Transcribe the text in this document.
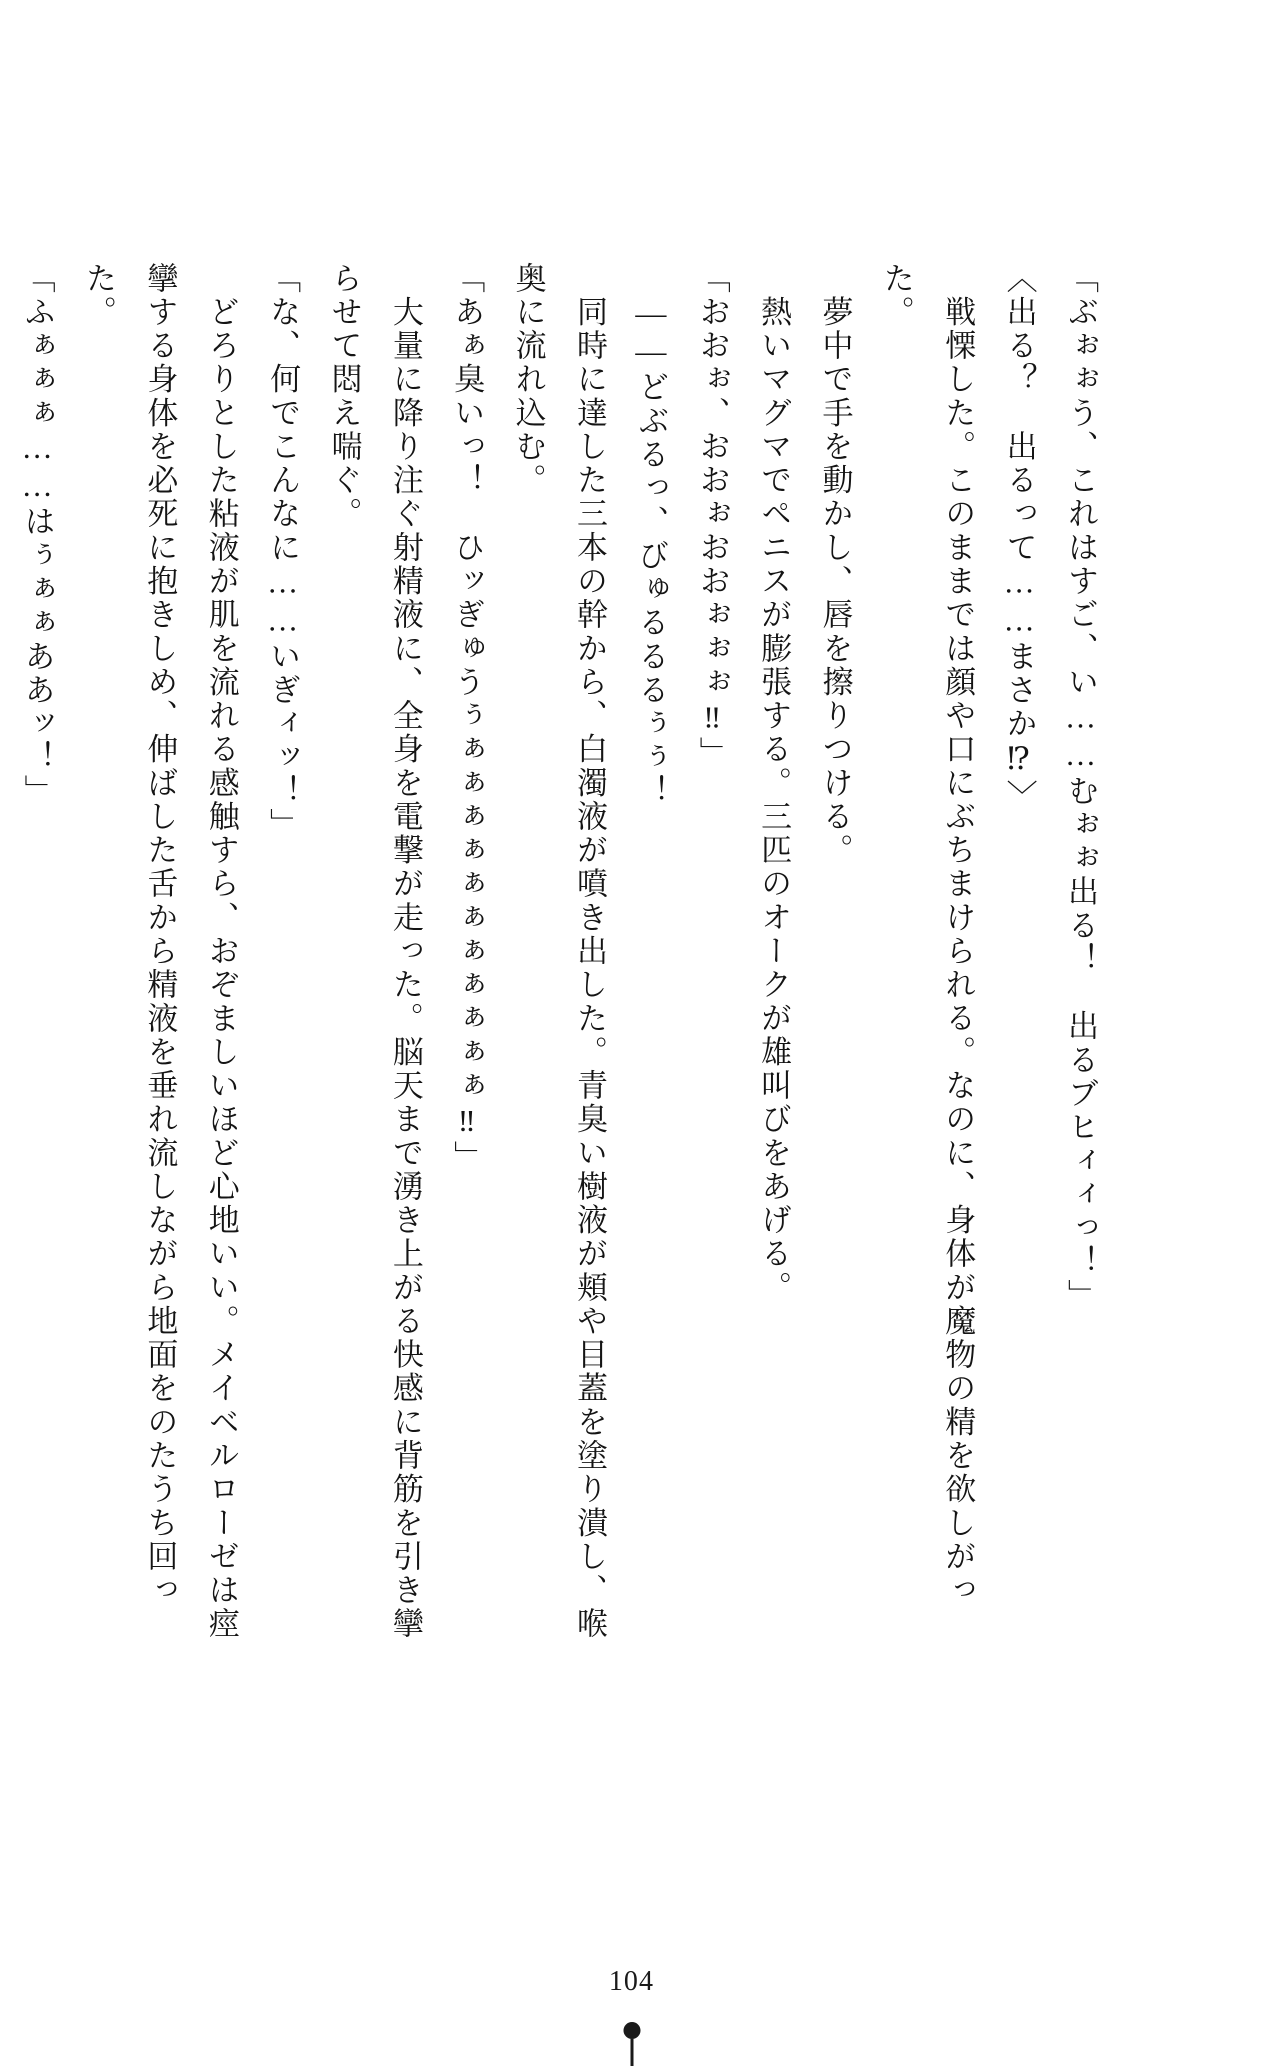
「ぶぉぉう、これはすご、い……むぉぉ出る！　出るブヒィィっ！」

〈出る？　出るって……まさか⁉〉

　戦慄した。このままでは顔や口にぶちまけられる。なのに、身体が魔物の精を欲しがった。

　夢中で手を動かし、唇を擦りつける。

　熱いマグマでペニスが膨張する。三匹のオークが雄叫びをあげる。

「おおぉ、おおぉおおぉぉぉ‼」

　――どぶるっ、びゅるるるぅぅ！

　同時に達した三本の幹から、白濁液が噴き出した。青臭い樹液が頬や目蓋を塗り潰し、喉奥に流れ込む。

「あぁ臭いっ！　ひッぎゅうぅぁぁぁぁぁぁぁぁぁぁぁ‼」

　大量に降り注ぐ射精液に、全身を電撃が走った。脳天まで湧き上がる快感に背筋を引き攣らせて悶え喘ぐ。

「な、何でこんなに……いぎィッ！」

　どろりとした粘液が肌を流れる感触すら、おぞましいほど心地いい。メイベルローゼは痙攣する身体を必死に抱きしめ、伸ばした舌から精液を垂れ流しながら地面をのたうち回った。

「ふぁぁぁ……はぅぁぁああッ！」

104
